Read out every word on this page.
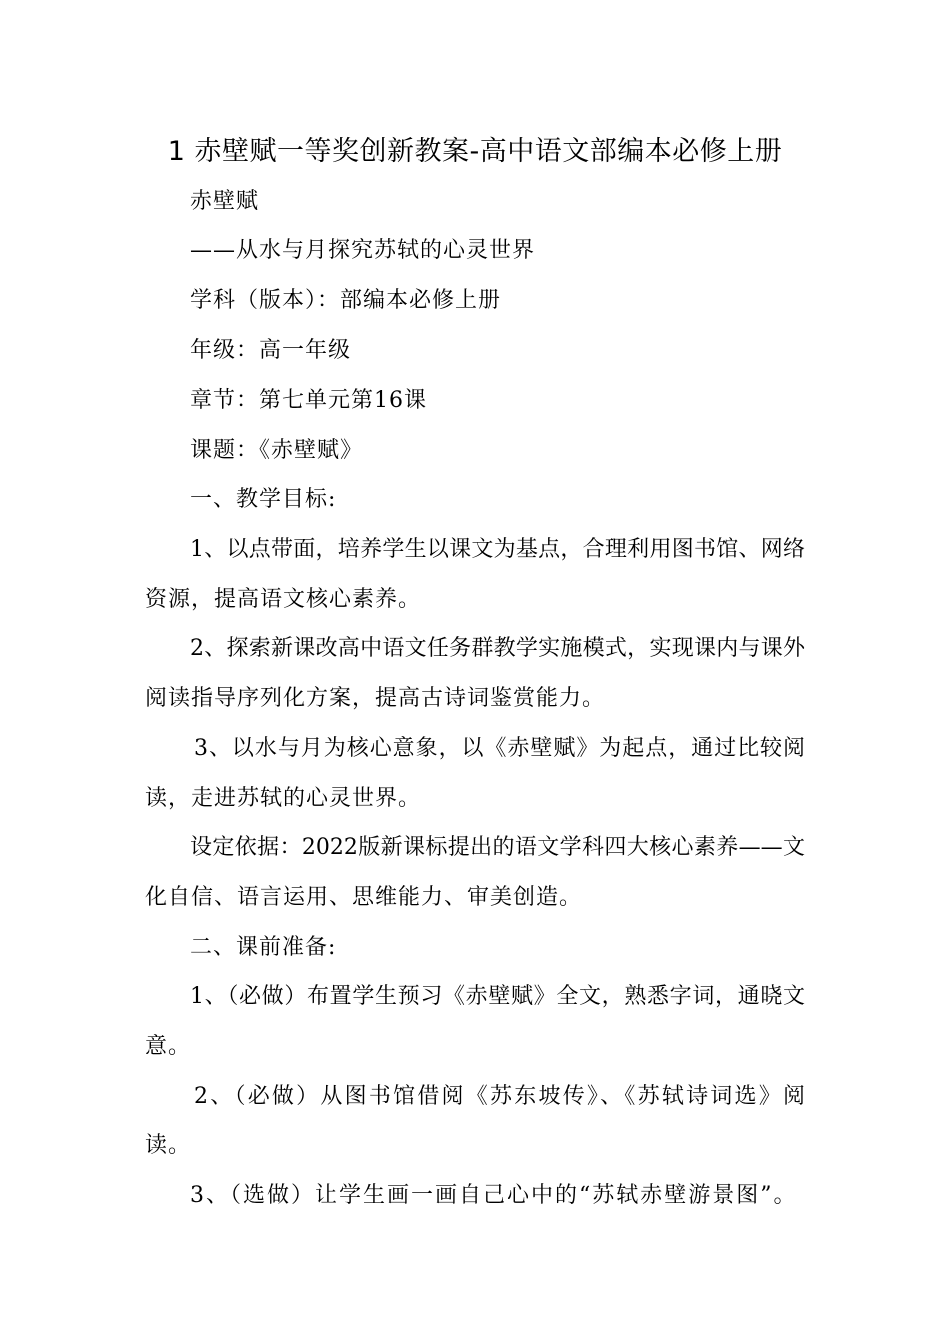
1 赤壁赋一等奖创新教案-高中语文部编本必修上册

赤壁赋

——从水与月探究苏轼的心灵世界

学科（版本）：部编本必修上册

年级：高一年级

章节：第七单元第16课

课题：《赤壁赋》

一、教学目标:

1、以点带面，培养学生以课文为基点，合理利用图书馆、网络

资源，提高语文核心素养。

2、探索新课改高中语文任务群教学实施模式，实现课内与课外

阅读指导序列化方案，提高古诗词鉴赏能力。

3、以水与月为核心意象，以《赤壁赋》为起点，通过比较阅

读，走进苏轼的心灵世界。

设定依据：2022版新课标提出的语文学科四大核心素养——文

化自信、语言运用、思维能力、审美创造。

二、课前准备:

1、（必做）布置学生预习《赤壁赋》全文，熟悉字词，通晓文

意。

2、（必做）从图书馆借阅《苏东坡传》、《苏轼诗词选》阅

读。

3、（选做）让学生画一画自己心中的“苏轼赤壁游景图”。
